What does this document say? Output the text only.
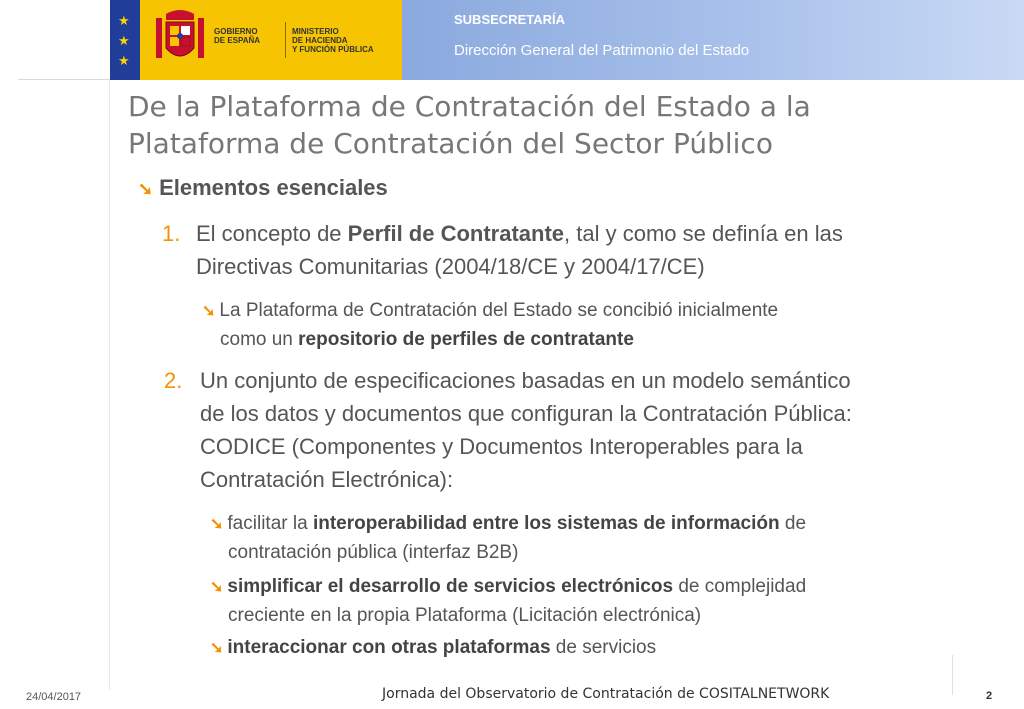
★
★
★
GOBIERNO
DE ESPAÑA
MINISTERIO
DE HACIENDA
Y FUNCIÓN PÚBLICA
SUBSECRETARÍA
Dirección General del Patrimonio del Estado
De la Plataforma de Contratación del Estado a la
Plataforma de Contratación del Sector Público
➘ Elementos esenciales
1. El concepto de Perfil de Contratante, tal y como se definía en las
Directivas Comunitarias (2004/18/CE y 2004/17/CE)
➘ La Plataforma de Contratación del Estado se concibió inicialmente
como un repositorio de perfiles de contratante
2. Un conjunto de especificaciones basadas en un modelo semántico
de los datos y documentos que configuran la Contratación Pública:
CODICE (Componentes y Documentos Interoperables para la
Contratación Electrónica):
➘ facilitar la interoperabilidad entre los sistemas de información de
contratación pública (interfaz B2B)
➘ simplificar el desarrollo de servicios electrónicos de complejidad
creciente en la propia Plataforma (Licitación electrónica)
➘ interaccionar con otras plataformas de servicios
24/04/2017	Jornada del Observatorio de Contratación de COSITALNETWORK	2
